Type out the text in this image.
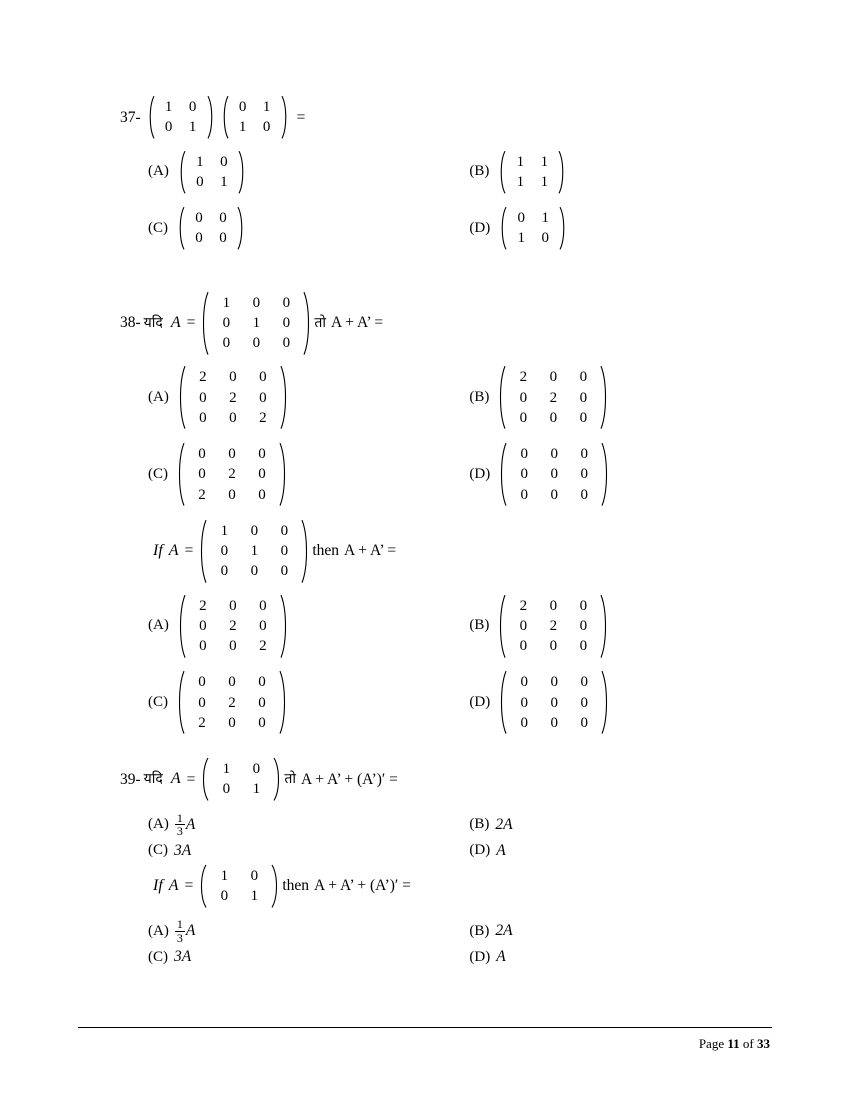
37-
1 0
0 1
0 1
1 0
=
(A)
1 0
0 1
(B)
1 1
1 1
(C)
0 0
0 0
(D)
0 1
1 0
38- यदि A =
1 0 0
0 1 0
0 0 0
तो A + A’ =
(A)
2 0 0
0 2 0
0 0 2
(B)
2 0 0
0 2 0
0 0 0
(C)
0 0 0
0 2 0
2 0 0
(D)
0 0 0
0 0 0
0 0 0
If A =
1 0 0
0 1 0
0 0 0
then A + A’ =
(A)
2 0 0
0 2 0
0 0 2
(B)
2 0 0
0 2 0
0 0 0
(C)
0 0 0
0 2 0
2 0 0
(D)
0 0 0
0 0 0
0 0 0
39- यदि A =
1 0
0 1
तो A + A’ + (A’)′ =
$(A) \frac{1}{3}$ A	(B) 2A
(C) 3A	(D) A
If A =
1 0
0 1
then A + A’ + (A’)′ =
$(A) \frac{1}{3}$ A	(B) 2A
(C) 3A	(D) A
Page 11 of 33
